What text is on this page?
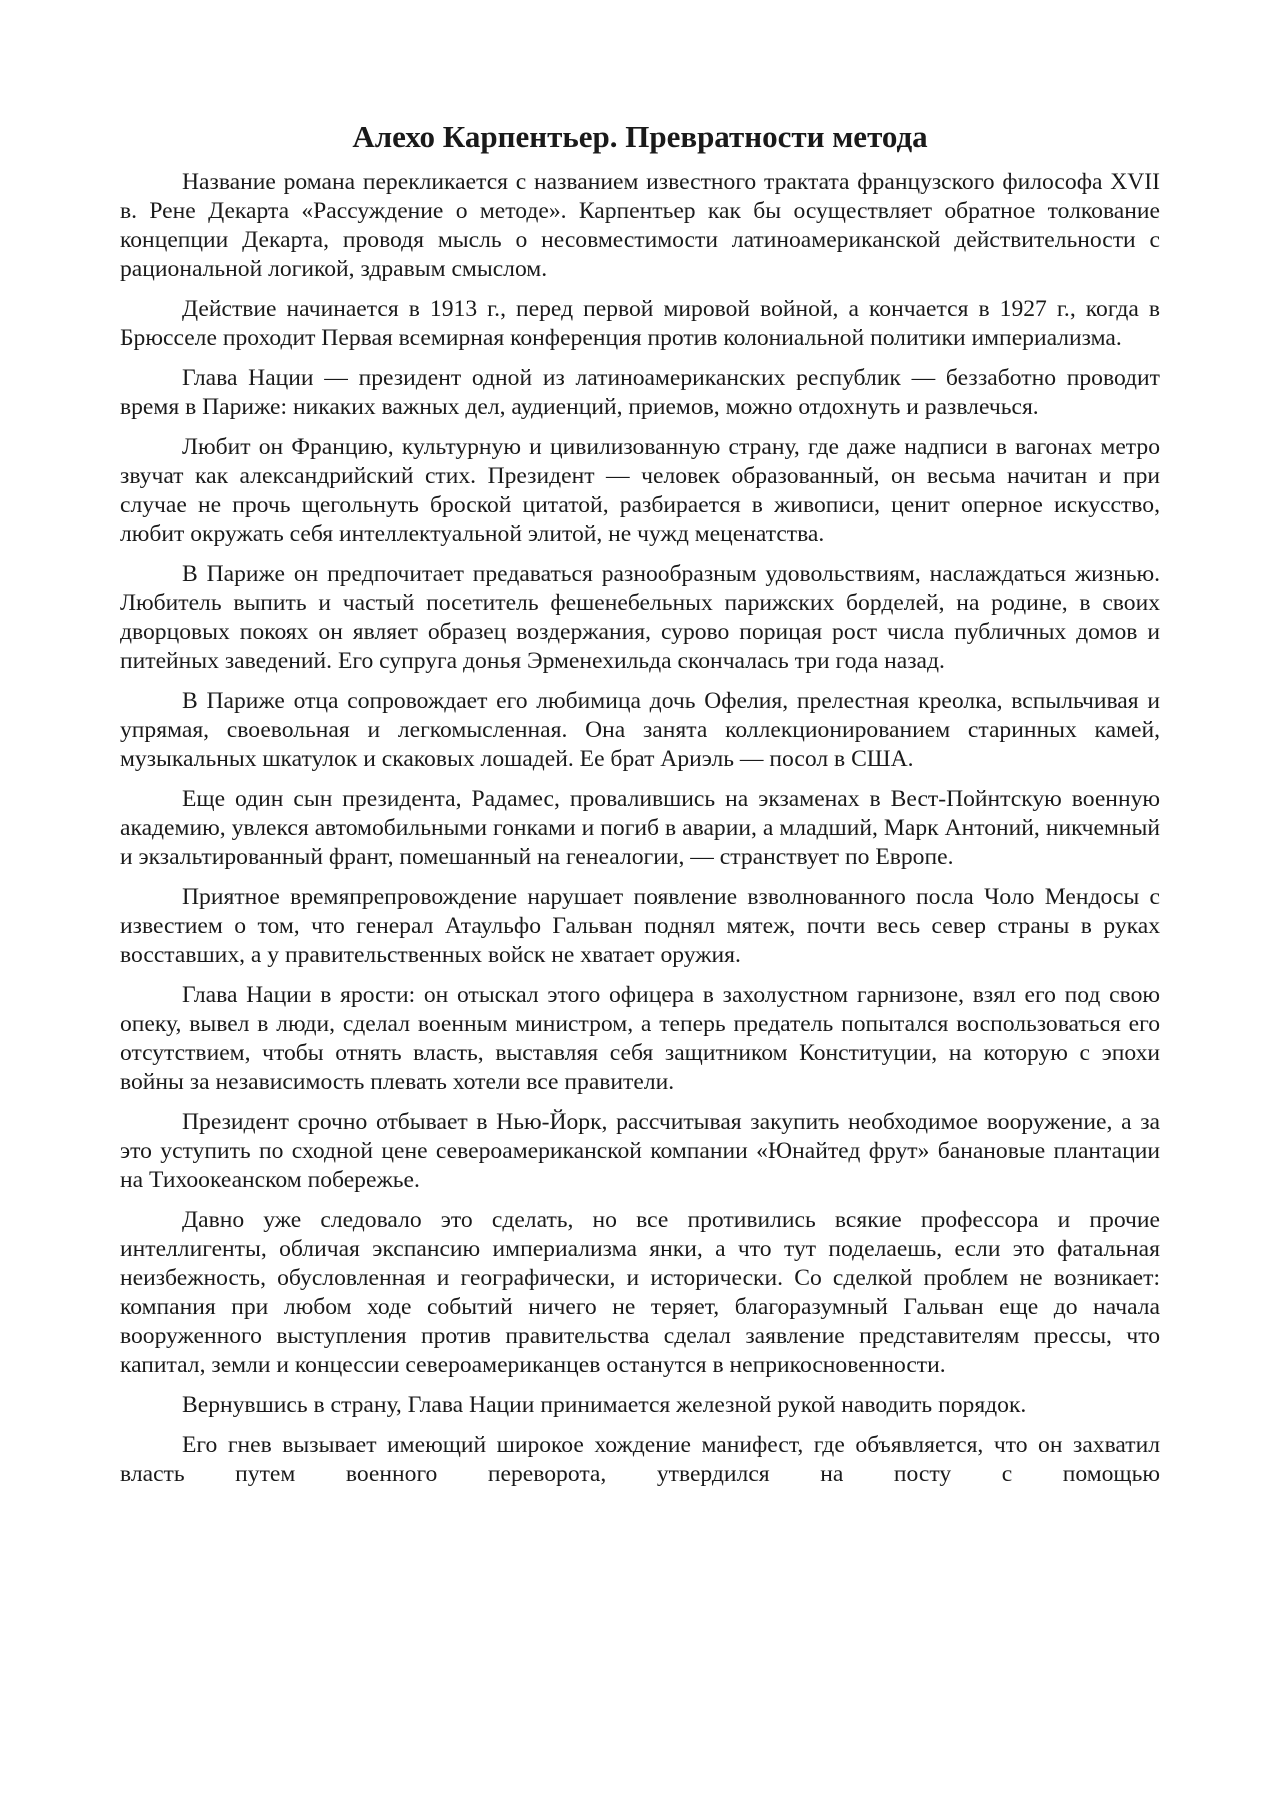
Алехо Карпентьер. Превратности метода

Название романа перекликается с названием известного трактата французского философа XVII в. Рене Декарта «Рассуждение о методе». Карпентьер как бы осуществляет обратное толкование концепции Декарта, проводя мысль о несовместимости латиноамериканской действительности с рациональной логикой, здравым смыслом.

Действие начинается в 1913 г., перед первой мировой войной, а кончается в 1927 г., когда в Брюсселе проходит Первая всемирная конференция против колониальной политики империализма.

Глава Нации — президент одной из латиноамериканских республик — беззаботно проводит время в Париже: никаких важных дел, аудиенций, приемов, можно отдохнуть и развлечься.

Любит он Францию, культурную и цивилизованную страну, где даже надписи в вагонах метро звучат как александрийский стих. Президент — человек образованный, он весьма начитан и при случае не прочь щегольнуть броской цитатой, разбирается в живописи, ценит оперное искусство, любит окружать себя интеллектуальной элитой, не чужд меценатства.

В Париже он предпочитает предаваться разнообразным удовольствиям, наслаждаться жизнью. Любитель выпить и частый посетитель фешенебельных парижских борделей, на родине, в своих дворцовых покоях он являет образец воздержания, сурово порицая рост числа публичных домов и питейных заведений. Его супруга донья Эрменехильда скончалась три года назад.

В Париже отца сопровождает его любимица дочь Офелия, прелестная креолка, вспыльчивая и упрямая, своевольная и легкомысленная. Она занята коллекционированием старинных камей, музыкальных шкатулок и скаковых лошадей. Ее брат Ариэль — посол в США.

Еще один сын президента, Радамес, провалившись на экзаменах в Вест-Пойнтскую военную академию, увлекся автомобильными гонками и погиб в аварии, а младший, Марк Антоний, никчемный и экзальтированный франт, помешанный на генеалогии, — странствует по Европе.

Приятное времяпрепровождение нарушает появление взволнованного посла Чоло Мендосы с известием о том, что генерал Атаульфо Гальван поднял мятеж, почти весь север страны в руках восставших, а у правительственных войск не хватает оружия.

Глава Нации в ярости: он отыскал этого офицера в захолустном гарнизоне, взял его под свою опеку, вывел в люди, сделал военным министром, а теперь предатель попытался воспользоваться его отсутствием, чтобы отнять власть, выставляя себя защитником Конституции, на которую с эпохи войны за независимость плевать хотели все правители.

Президент срочно отбывает в Нью-Йорк, рассчитывая закупить необходимое вооружение, а за это уступить по сходной цене североамериканской компании «Юнайтед фрут» банановые плантации на Тихоокеанском побережье.

Давно уже следовало это сделать, но все противились всякие профессора и прочие интеллигенты, обличая экспансию империализма янки, а что тут поделаешь, если это фатальная неизбежность, обусловленная и географически, и исторически. Со сделкой проблем не возникает: компания при любом ходе событий ничего не теряет, благоразумный Гальван еще до начала вооруженного выступления против правительства сделал заявление представителям прессы, что капитал, земли и концессии североамериканцев останутся в неприкосновенности.

Вернувшись в страну, Глава Нации принимается железной рукой наводить порядок.

Его гнев вызывает имеющий широкое хождение манифест, где объявляется, что он захватил власть путем военного переворота, утвердился на посту с помощью
